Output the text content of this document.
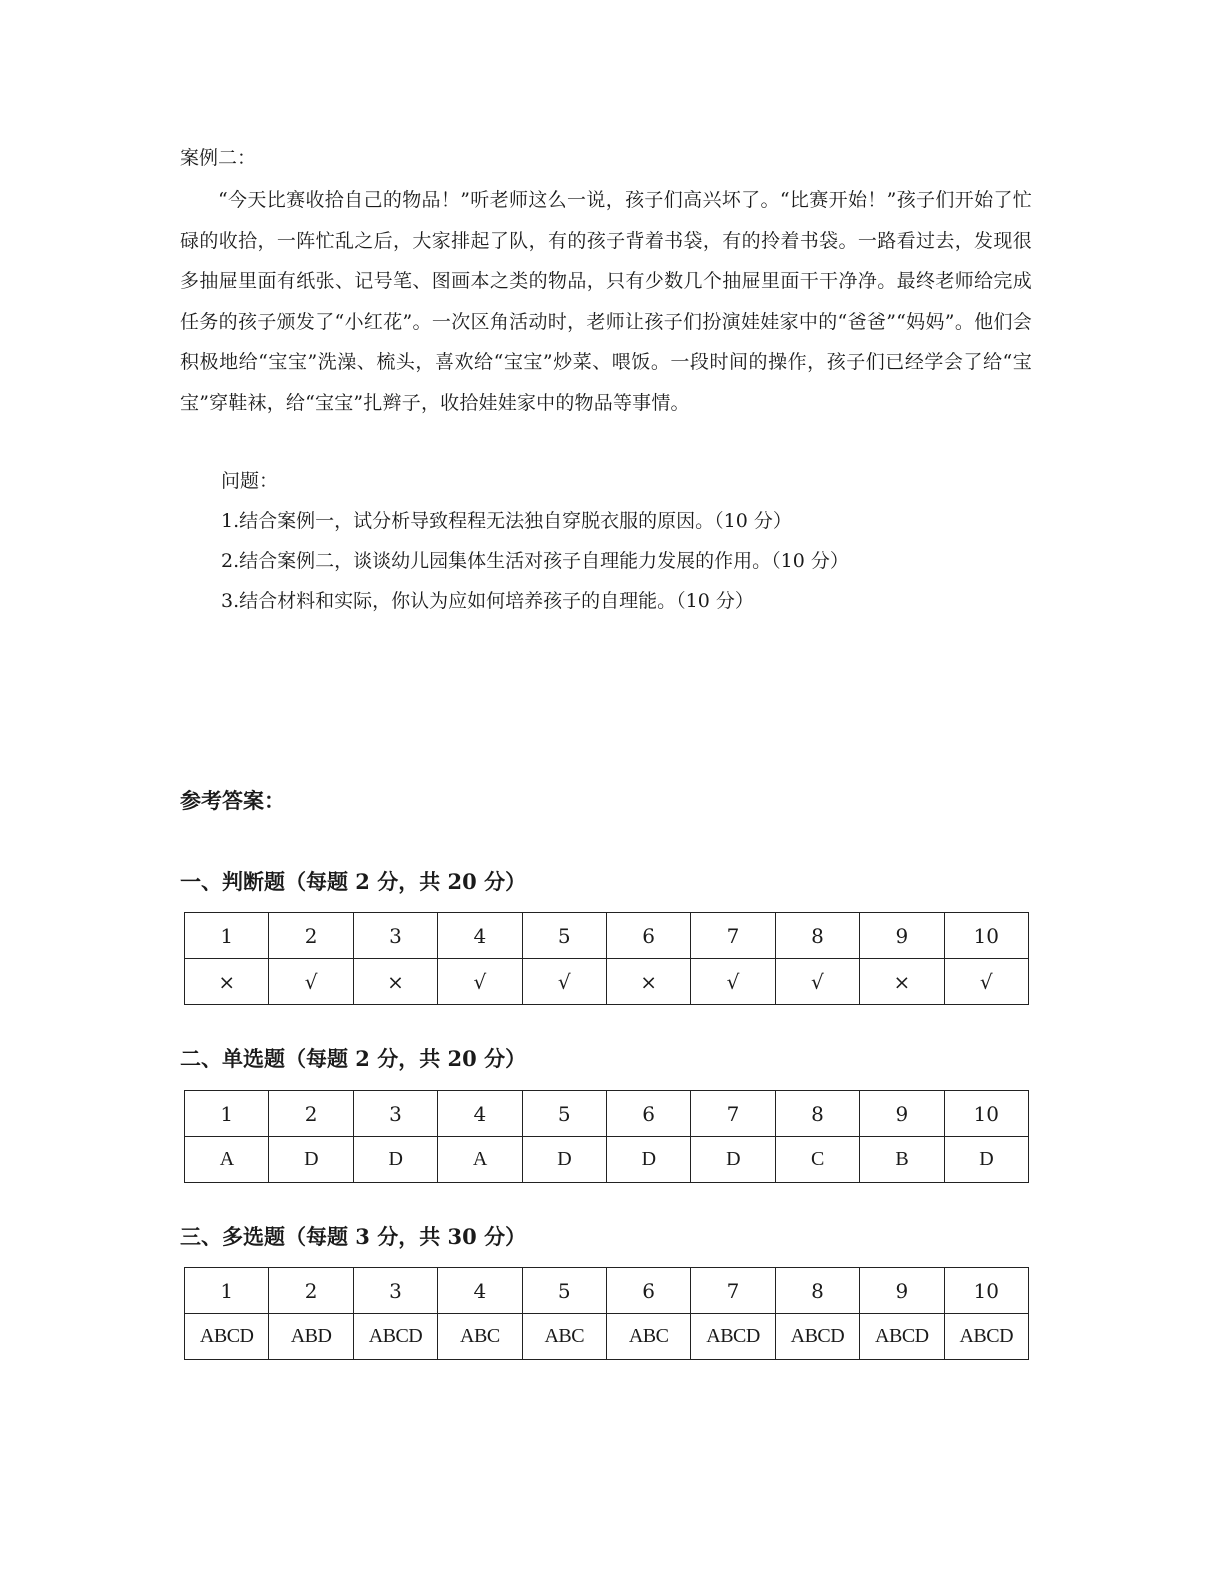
案例二：
“今天比赛收拾自己的物品！”听老师这么一说，孩子们高兴坏了。“比赛开始！”孩子们开始了忙碌的收拾，一阵忙乱之后，大家排起了队，有的孩子背着书袋，有的拎着书袋。一路看过去，发现很多抽屉里面有纸张、记号笔、图画本之类的物品，只有少数几个抽屉里面干干净净。最终老师给完成任务的孩子颁发了“小红花”。一次区角活动时，老师让孩子们扮演娃娃家中的“爸爸”“妈妈”。他们会积极地给“宝宝”洗澡、梳头，喜欢给“宝宝”炒菜、喂饭。一段时间的操作，孩子们已经学会了给“宝宝”穿鞋袜，给“宝宝”扎辫子，收拾娃娃家中的物品等事情。
问题：
1.结合案例一，试分析导致程程无法独自穿脱衣服的原因。（10 分）
2.结合案例二，谈谈幼儿园集体生活对孩子自理能力发展的作用。（10 分）
3.结合材料和实际，你认为应如何培养孩子的自理能。（10 分）
参考答案：
一、判断题（每题 2 分，共 20 分）
1	2	3	4	5	6	7	8	9	10
×	√	×	√	√	×	√	√	×	√
二、单选题（每题 2 分，共 20 分）
1	2	3	4	5	6	7	8	9	10
A	D	D	A	D	D	D	C	B	D
三、多选题（每题 3 分，共 30 分）
1	2	3	4	5	6	7	8	9	10
ABCD	ABD	ABCD	ABC	ABC	ABC	ABCD	ABCD	ABCD	ABCD
